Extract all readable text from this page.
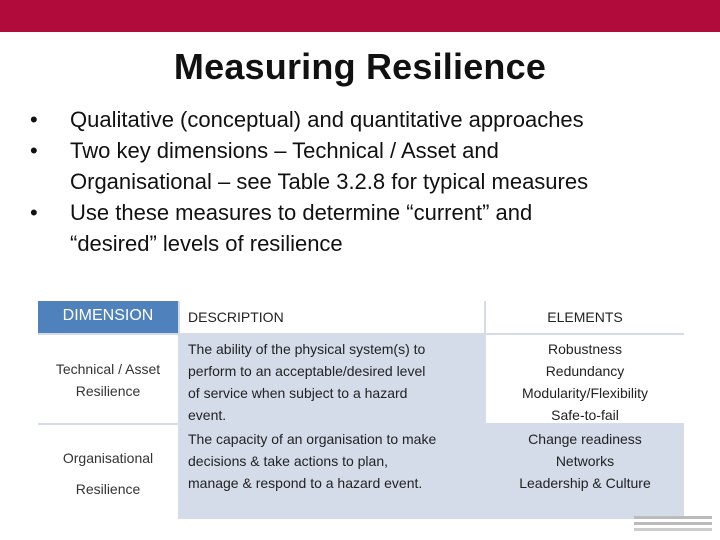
Measuring Resilience
• Qualitative (conceptual) and quantitative approaches
• Two key dimensions – Technical / Asset and
Organisational – see Table 3.2.8 for typical measures
• Use these measures to determine “current” and
“desired” levels of resilience
DIMENSION	DESCRIPTION	ELEMENTS
Technical / Asset
Resilience
The ability of the physical system(s) to
perform to an acceptable/desired level
of service when subject to a hazard
event.
Robustness
Redundancy
Modularity/Flexibility
Safe-to-fail
Organisational
Resilience
The capacity of an organisation to make
decisions & take actions to plan,
manage & respond to a hazard event.
Change readiness
Networks
Leadership & Culture
